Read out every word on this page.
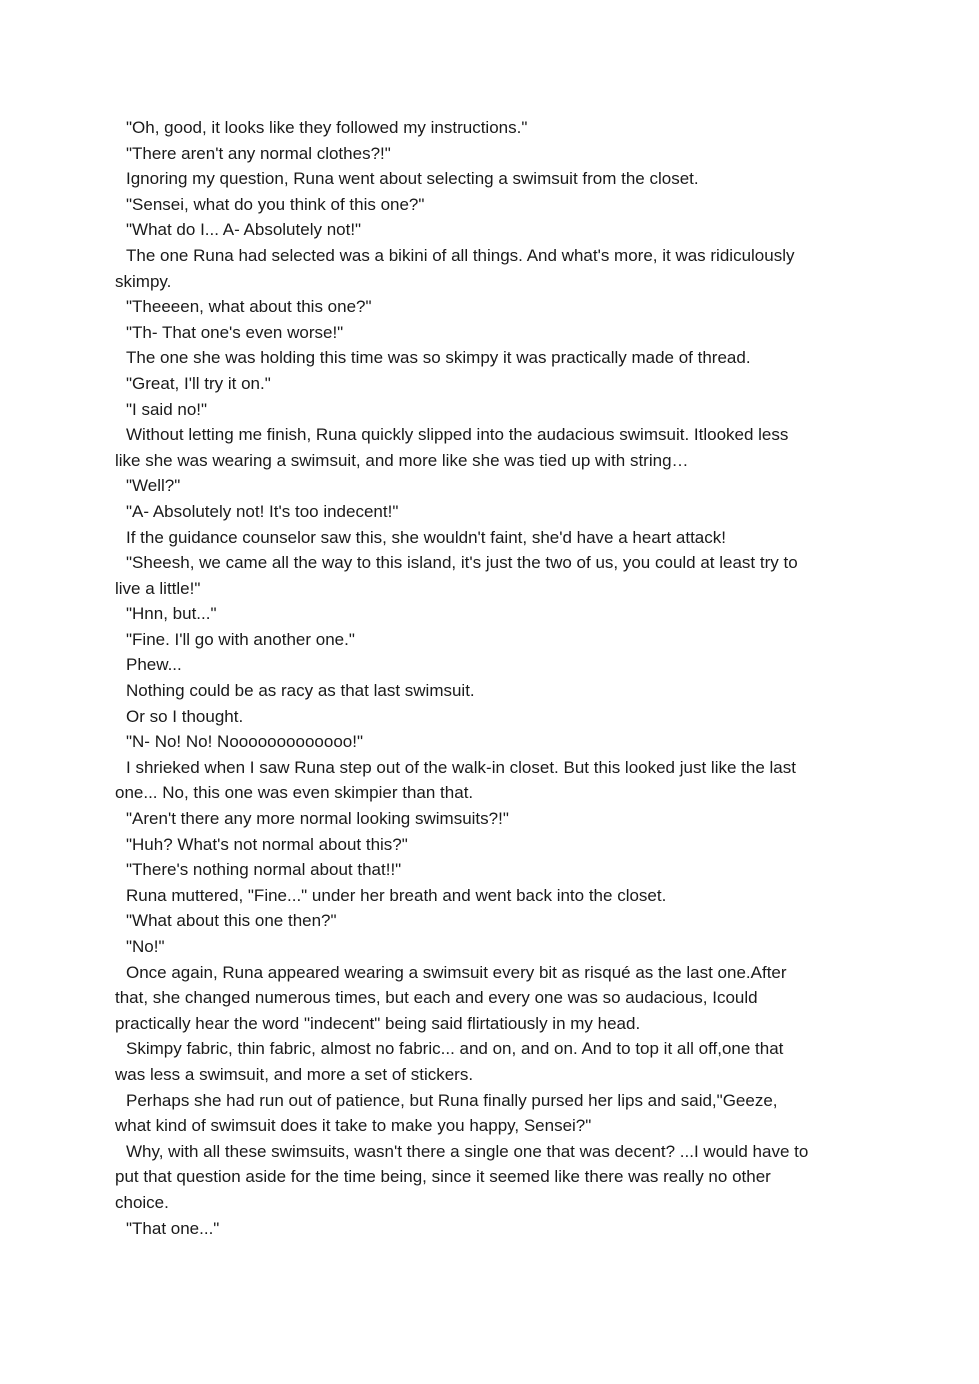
"Oh, good, it looks like they followed my instructions."
"There aren't any normal clothes?!"
Ignoring my question, Runa went about selecting a swimsuit from the closet.
"Sensei, what do you think of this one?"
"What do I... A- Absolutely not!"
The one Runa had selected was a bikini of all things. And what's more, it was ridiculously
skimpy.
"Theeeen, what about this one?"
"Th- That one's even worse!"
The one she was holding this time was so skimpy it was practically made of thread.
"Great, I'll try it on."
"I said no!"
Without letting me finish, Runa quickly slipped into the audacious swimsuit. Itlooked less
like she was wearing a swimsuit, and more like she was tied up with string…
"Well?"
"A- Absolutely not! It's too indecent!"
If the guidance counselor saw this, she wouldn't faint, she'd have a heart attack!
"Sheesh, we came all the way to this island, it's just the two of us, you could at least try to
live a little!"
"Hnn, but..."
"Fine. I'll go with another one."
Phew...
Nothing could be as racy as that last swimsuit.
Or so I thought.
"N- No! No! Nooooooooooooo!"
I shrieked when I saw Runa step out of the walk-in closet. But this looked just like the last
one... No, this one was even skimpier than that.
"Aren't there any more normal looking swimsuits?!"
"Huh? What's not normal about this?"
"There's nothing normal about that!!"
Runa muttered, "Fine..." under her breath and went back into the closet.
"What about this one then?"
"No!"
Once again, Runa appeared wearing a swimsuit every bit as risqué as the last one.After
that, she changed numerous times, but each and every one was so audacious, Icould
practically hear the word "indecent" being said flirtatiously in my head.
Skimpy fabric, thin fabric, almost no fabric... and on, and on. And to top it all off,one that
was less a swimsuit, and more a set of stickers.
Perhaps she had run out of patience, but Runa finally pursed her lips and said,"Geeze,
what kind of swimsuit does it take to make you happy, Sensei?"
Why, with all these swimsuits, wasn't there a single one that was decent? ...I would have to
put that question aside for the time being, since it seemed like there was really no other
choice.
"That one..."
